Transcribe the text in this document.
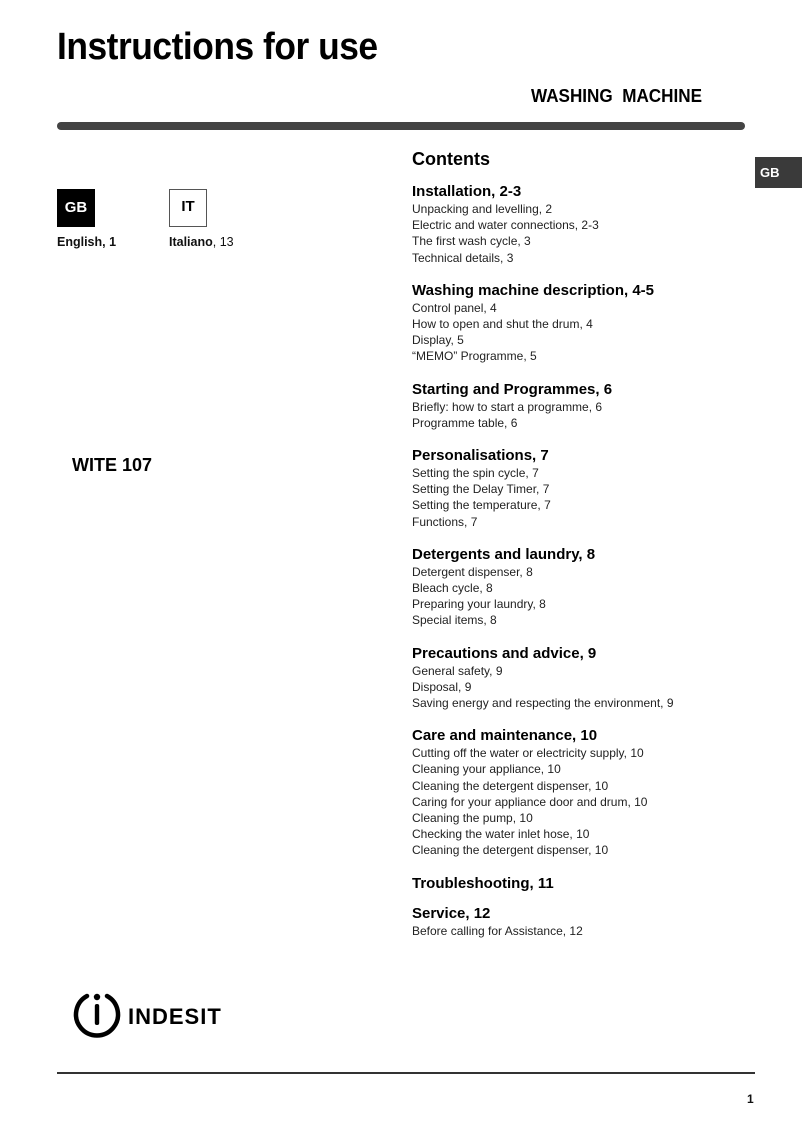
Instructions for use
WASHING MACHINE
GB
GB
English, 1
IT
Italiano, 13
WITE 107
Contents
Installation, 2-3
Unpacking and levelling, 2
Electric and water connections, 2-3
The first wash cycle, 3
Technical details, 3
Washing machine description, 4-5
Control panel, 4
How to open and shut the drum, 4
Display, 5
“MEMO” Programme, 5
Starting and Programmes, 6
Briefly: how to start a programme, 6
Programme table, 6
Personalisations, 7
Setting the spin cycle, 7
Setting the Delay Timer, 7
Setting the temperature, 7
Functions, 7
Detergents and laundry, 8
Detergent dispenser, 8
Bleach cycle, 8
Preparing your laundry, 8
Special items, 8
Precautions and advice, 9
General safety, 9
Disposal, 9
Saving energy and respecting the environment, 9
Care and maintenance, 10
Cutting off the water or electricity supply, 10
Cleaning your appliance, 10
Cleaning the detergent dispenser, 10
Caring for your appliance door and drum, 10
Cleaning the pump, 10
Checking the water inlet hose, 10
Cleaning the detergent dispenser, 10
Troubleshooting, 11
Service, 12
Before calling for Assistance, 12
indesit
1
